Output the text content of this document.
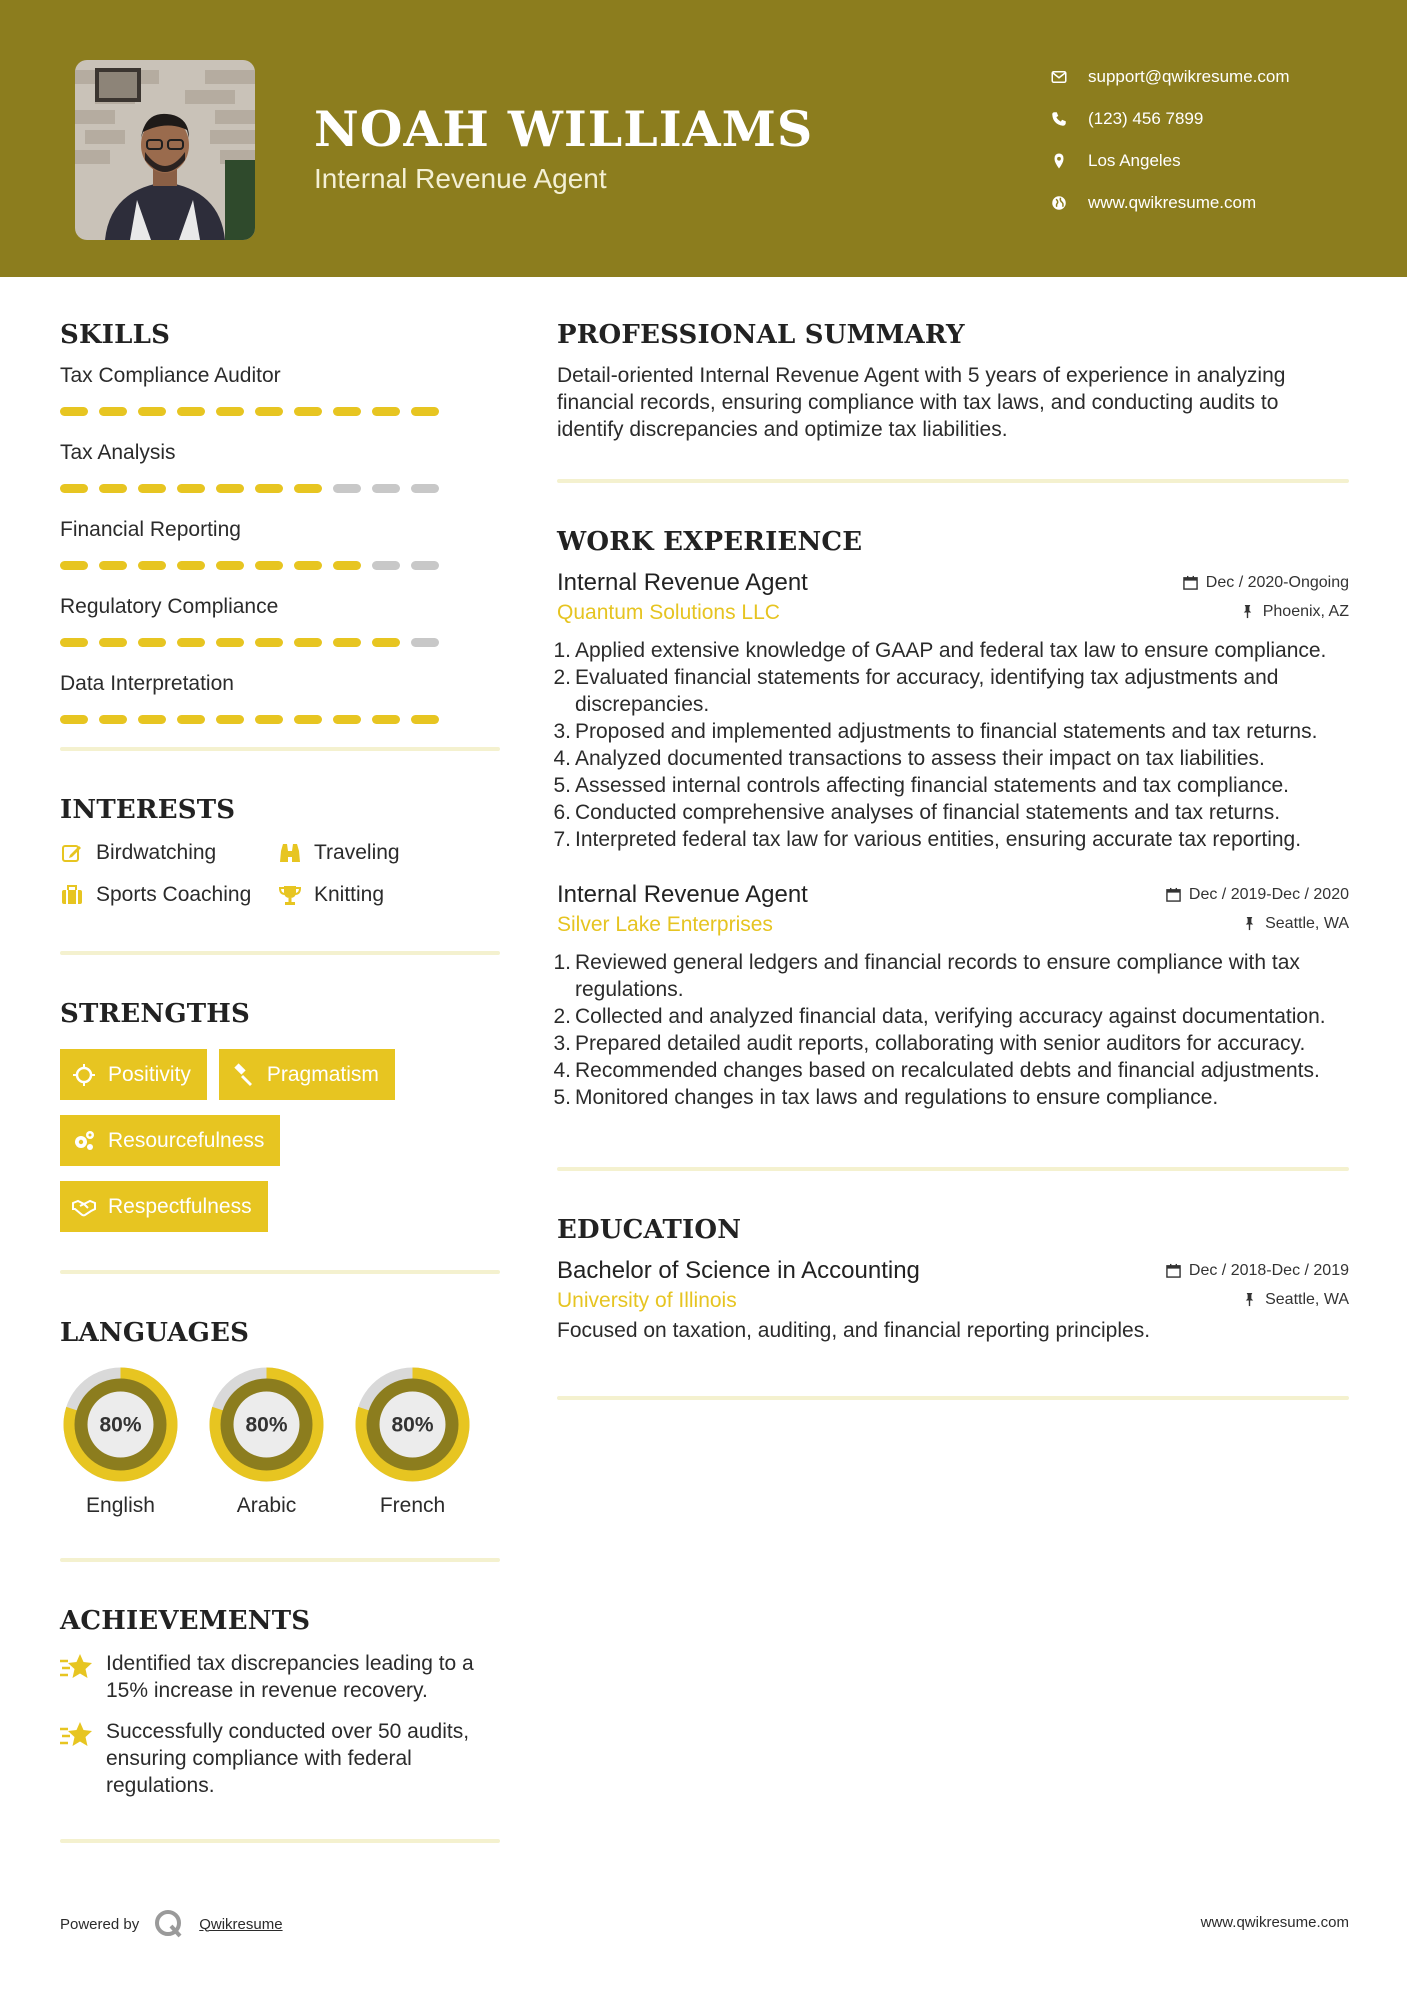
NOAH WILLIAMS
Internal Revenue Agent
support@qwikresume.com
(123) 456 7899
Los Angeles
www.qwikresume.com
SKILLS
Tax Compliance Auditor
Tax Analysis
Financial Reporting
Regulatory Compliance
Data Interpretation
INTERESTS
Birdwatching	Traveling
Sports Coaching	Knitting
STRENGTHS
Positivity	Pragmatism

Resourcefulness

Respectfulness
LANGUAGES
80%
English
80%
Arabic
80%
French
ACHIEVEMENTS
Identified tax discrepancies leading to a 15% increase in revenue recovery.
Successfully conducted over 50 audits, ensuring compliance with federal regulations.
PROFESSIONAL SUMMARY
Detail-oriented Internal Revenue Agent with 5 years of experience in analyzing financial records, ensuring compliance with tax laws, and conducting audits to identify discrepancies and optimize tax liabilities.
WORK EXPERIENCE
Internal Revenue Agent	Dec / 2020-Ongoing
Quantum Solutions LLC	Phoenix, AZ
Applied extensive knowledge of GAAP and federal tax law to ensure compliance.
Evaluated financial statements for accuracy, identifying tax adjustments and discrepancies.
Proposed and implemented adjustments to financial statements and tax returns.
Analyzed documented transactions to assess their impact on tax liabilities.
Assessed internal controls affecting financial statements and tax compliance.
Conducted comprehensive analyses of financial statements and tax returns.
Interpreted federal tax law for various entities, ensuring accurate tax reporting.
Internal Revenue Agent	Dec / 2019-Dec / 2020
Silver Lake Enterprises	Seattle, WA
Reviewed general ledgers and financial records to ensure compliance with tax regulations.
Collected and analyzed financial data, verifying accuracy against documentation.
Prepared detailed audit reports, collaborating with senior auditors for accuracy.
Recommended changes based on recalculated debts and financial adjustments.
Monitored changes in tax laws and regulations to ensure compliance.
EDUCATION
Bachelor of Science in Accounting	Dec / 2018-Dec / 2019
University of Illinois	Seattle, WA
Focused on taxation, auditing, and financial reporting principles.
Powered by	Qwikresume	www.qwikresume.com
